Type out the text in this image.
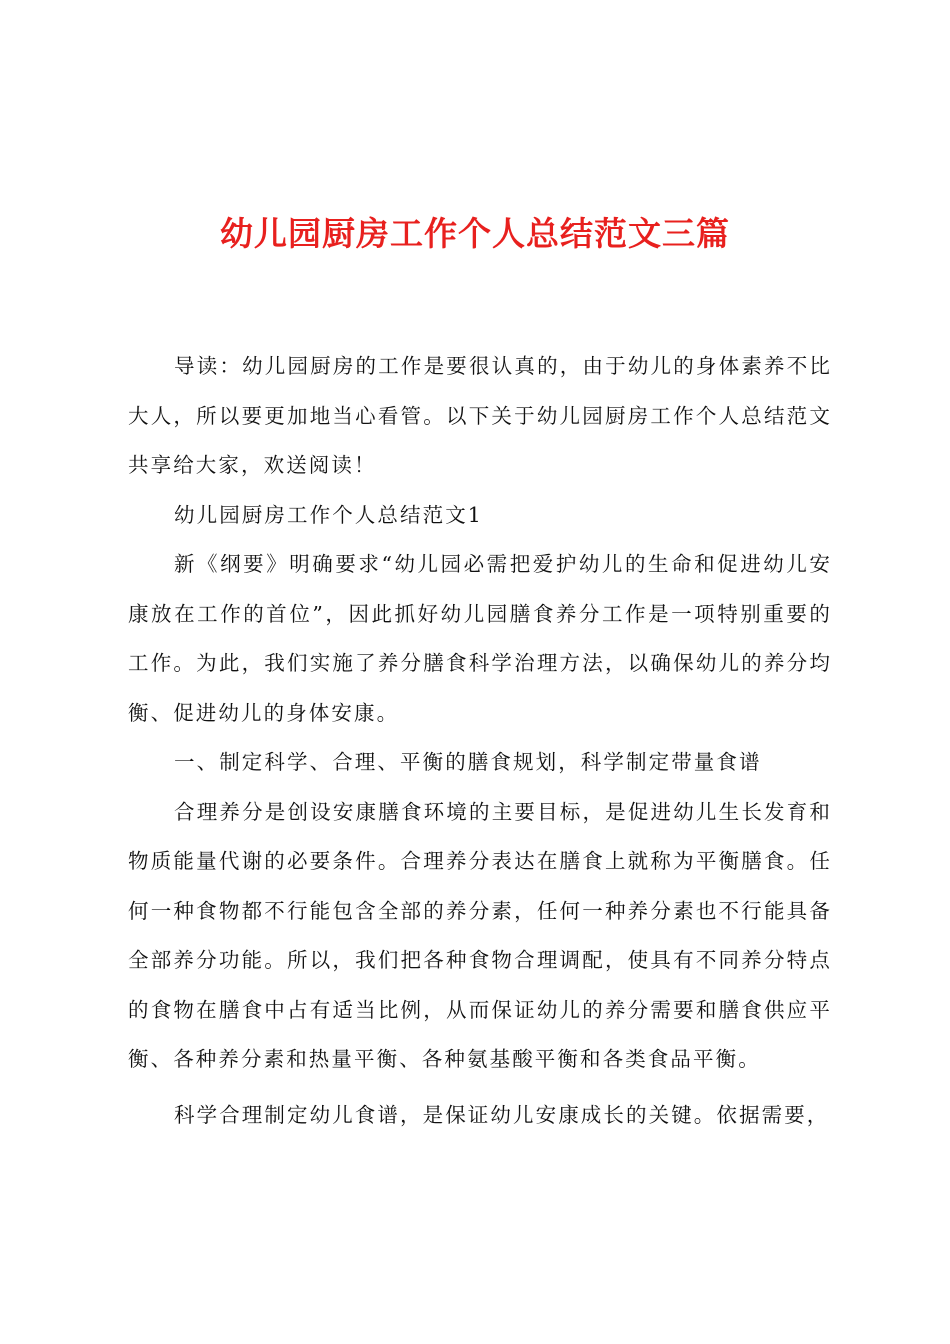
幼儿园厨房工作个人总结范文三篇

导读：幼儿园厨房的工作是要很认真的，由于幼儿的身体素养不比大人，所以要更加地当心看管。以下关于幼儿园厨房工作个人总结范文共享给大家，欢送阅读！

幼儿园厨房工作个人总结范文1

新《纲要》明确要求“幼儿园必需把爱护幼儿的生命和促进幼儿安康放在工作的首位”，因此抓好幼儿园膳食养分工作是一项特别重要的工作。为此，我们实施了养分膳食科学治理方法，以确保幼儿的养分均衡、促进幼儿的身体安康。

一、制定科学、合理、平衡的膳食规划，科学制定带量食谱

合理养分是创设安康膳食环境的主要目标，是促进幼儿生长发育和物质能量代谢的必要条件。合理养分表达在膳食上就称为平衡膳食。任何一种食物都不行能包含全部的养分素，任何一种养分素也不行能具备全部养分功能。所以，我们把各种食物合理调配，使具有不同养分特点的食物在膳食中占有适当比例，从而保证幼儿的养分需要和膳食供应平衡、各种养分素和热量平衡、各种氨基酸平衡和各类食品平衡。

科学合理制定幼儿食谱，是保证幼儿安康成长的关键。依据需要，
